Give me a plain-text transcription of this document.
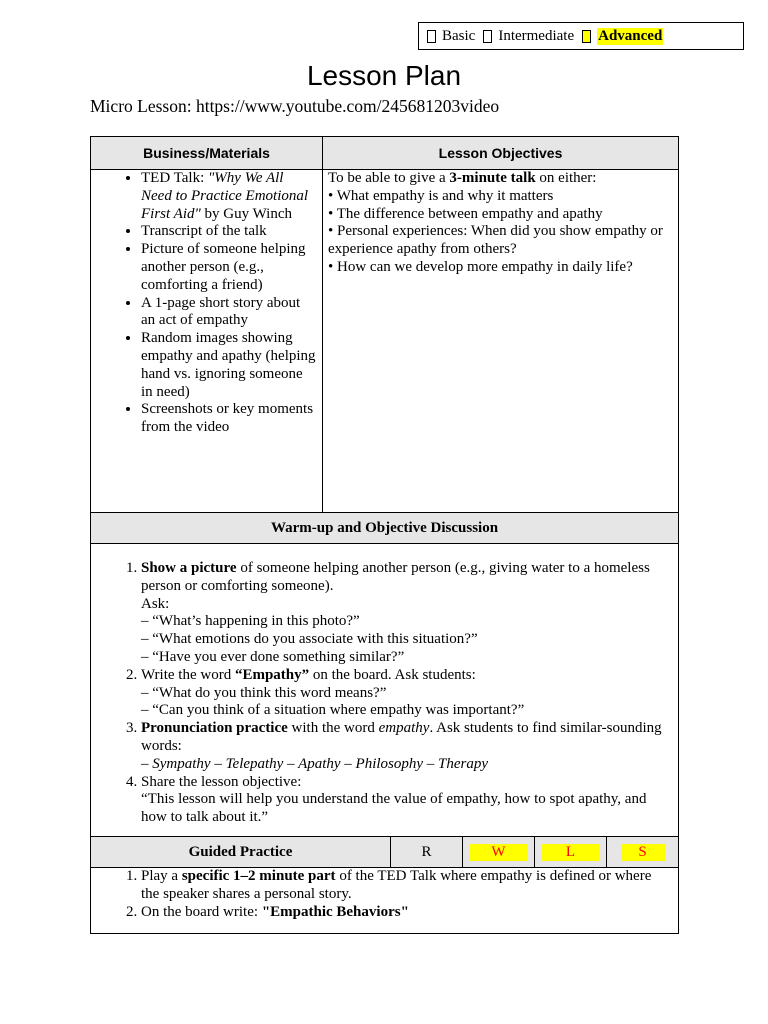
Basic Intermediate Advanced
Lesson Plan
Micro Lesson: https://www.youtube.com/245681203video
Business/Materials	Lesson Objectives
• TED Talk: "Why We All Need to Practice Emotional First Aid" by Guy Winch
• Transcript of the talk
• Picture of someone helping another person (e.g., comforting a friend)
• A 1-page short story about an act of empathy
• Random images showing empathy and apathy (helping hand vs. ignoring someone in need)
• Screenshots or key moments from the video
To be able to give a 3-minute talk on either:
• What empathy is and why it matters
• The difference between empathy and apathy
• Personal experiences: When did you show empathy or experience apathy from others?
• How can we develop more empathy in daily life?
Warm-up and Objective Discussion
1. Show a picture of someone helping another person (e.g., giving water to a homeless person or comforting someone).
Ask:
– “What’s happening in this photo?”
– “What emotions do you associate with this situation?”
– “Have you ever done something similar?”
2. Write the word “Empathy” on the board. Ask students:
– “What do you think this word means?”
– “Can you think of a situation where empathy was important?”
3. Pronunciation practice with the word empathy. Ask students to find similar-sounding words:
– Sympathy – Telepathy – Apathy – Philosophy – Therapy
4. Share the lesson objective:
“This lesson will help you understand the value of empathy, how to spot apathy, and how to talk about it.”
Guided Practice	R	W	L	S
1. Play a specific 1–2 minute part of the TED Talk where empathy is defined or where the speaker shares a personal story.
2. On the board write: "Empathic Behaviors"
